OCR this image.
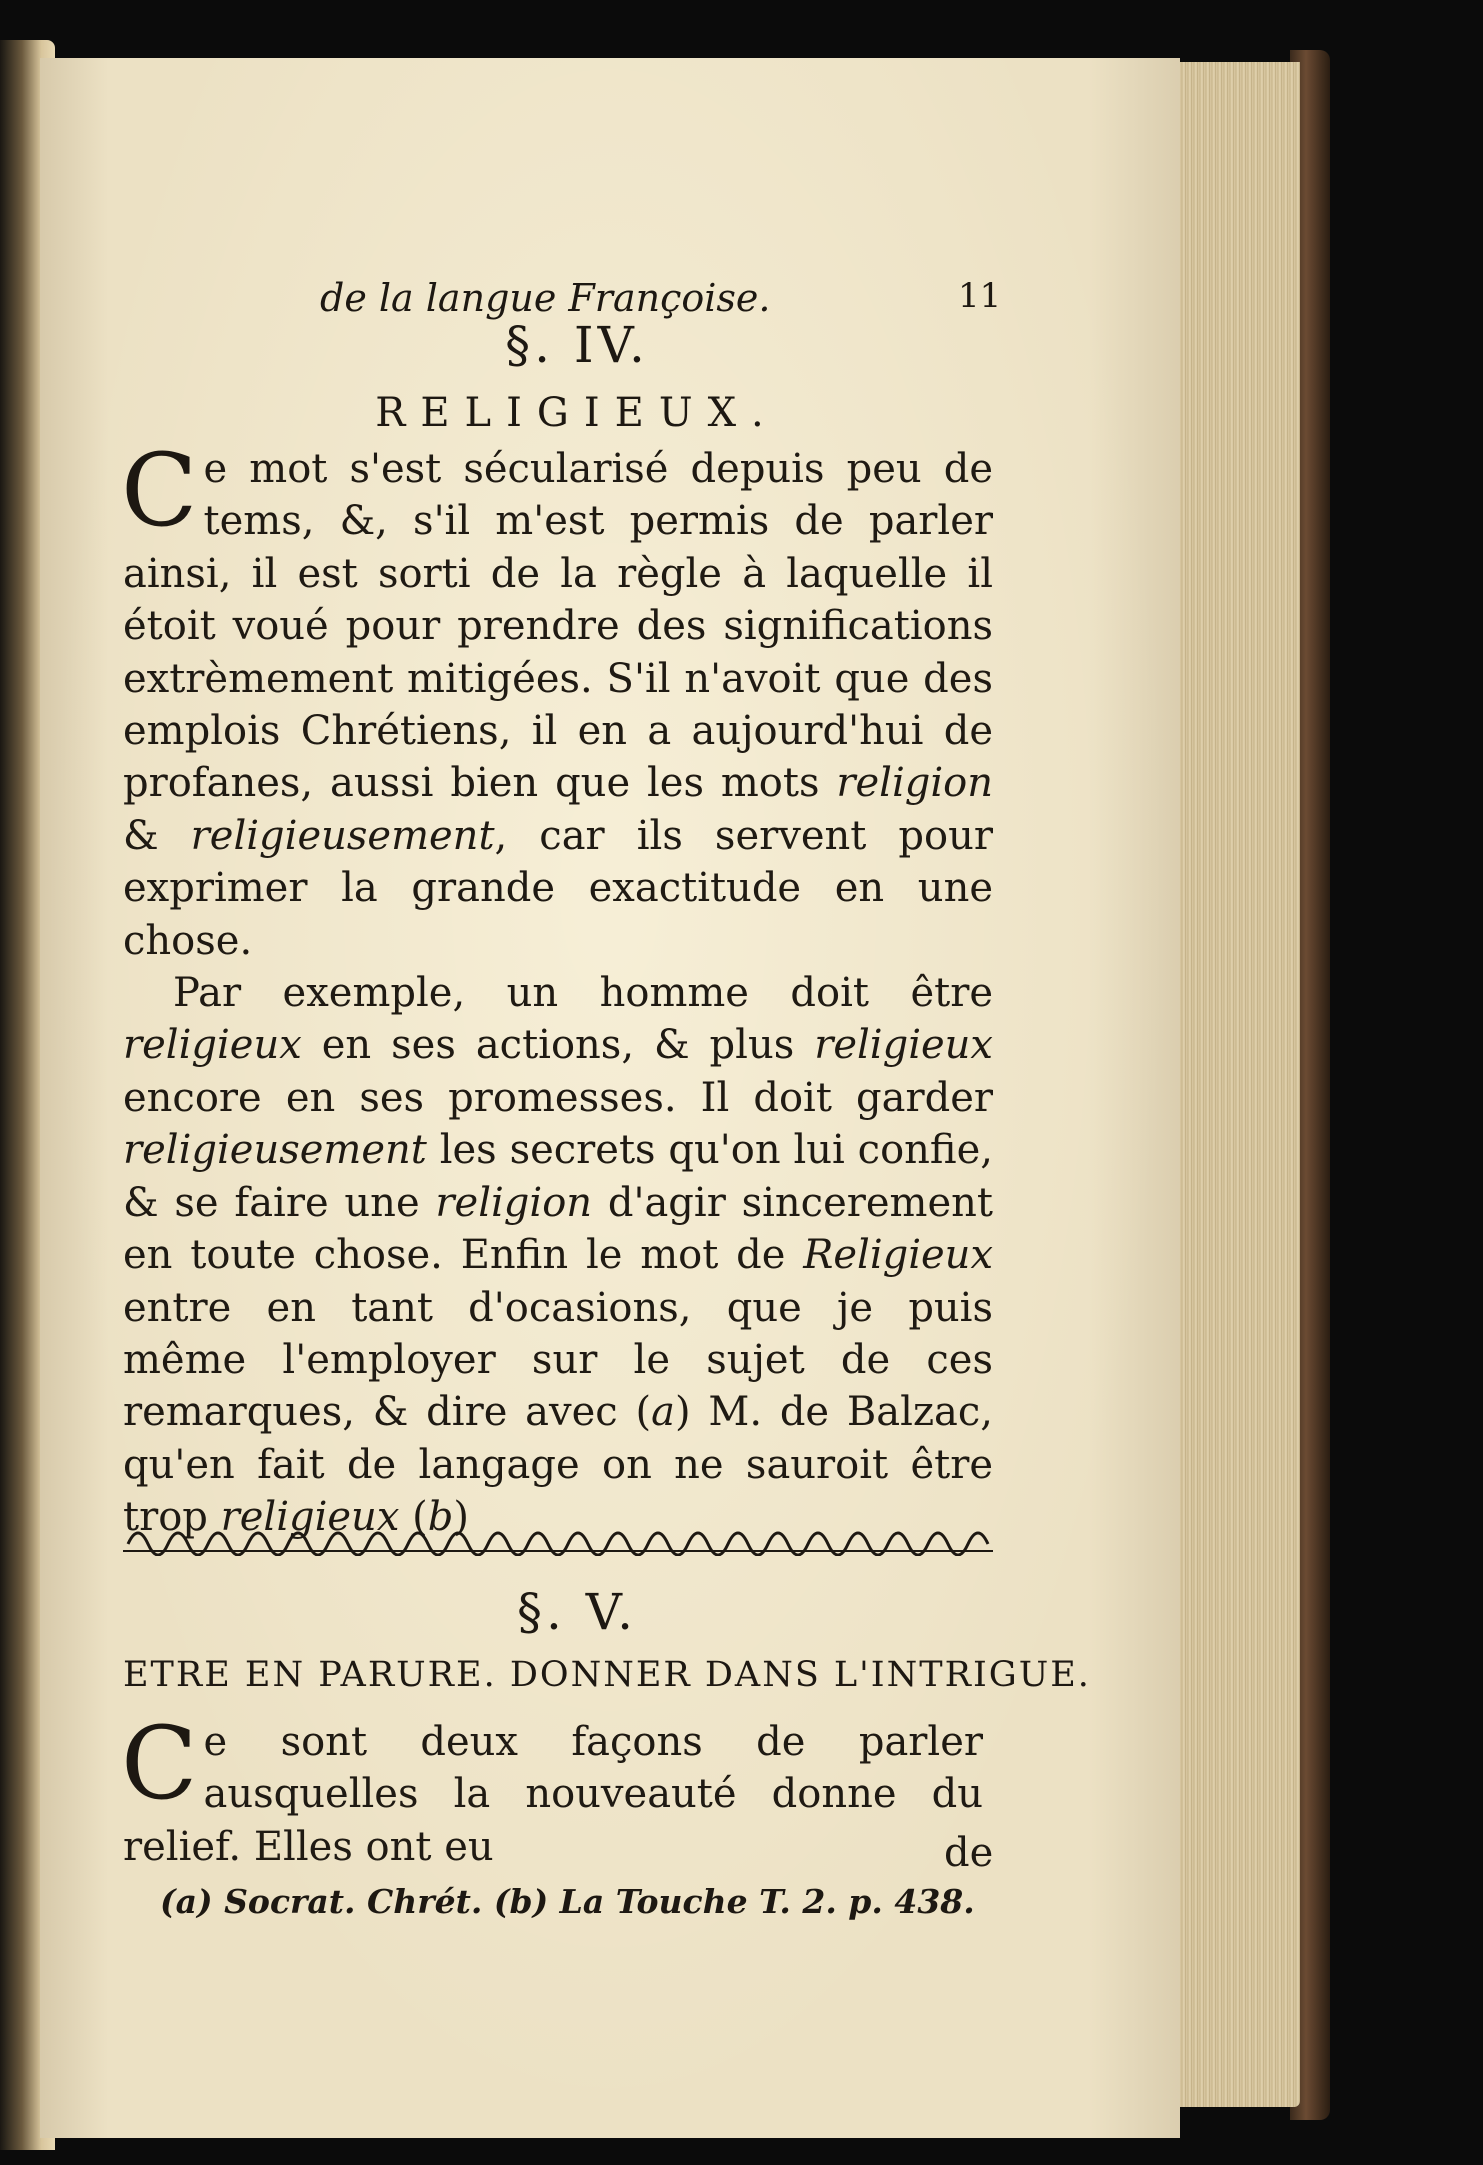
de la langue Françoise.	11
§. IV.
RELIGIEUX.

Ce mot s'est sécularisé depuis peu de tems, &, s'il m'est permis de parler ainsi, il est sorti de la règle à laquelle il étoit voué pour prendre des significations extrèmement mitigées. S'il n'avoit que des emplois Chrétiens, il en a aujourd'hui de profanes, aussi bien que les mots religion & religieusement, car ils servent pour exprimer la grande exactitude en une chose.

Par exemple, un homme doit être religieux en ses actions, & plus religieux encore en ses promesses. Il doit garder religieusement les secrets qu'on lui confie, & se faire une religion d'agir sincerement en toute chose. Enfin le mot de Religieux entre en tant d'ocasions, que je puis même l'employer sur le sujet de ces remarques, & dire avec (a) M. de Balzac, qu'en fait de langage on ne sauroit être trop religieux (b)

§. V.
ETRE EN PARURE. DONNER DANS L'INTRIGUE.

Ce sont deux façons de parler ausquelles la nouveauté donne du relief. Elles ont eu	de
(a) Socrat. Chrét. (b) La Touche T. 2. p. 438.
